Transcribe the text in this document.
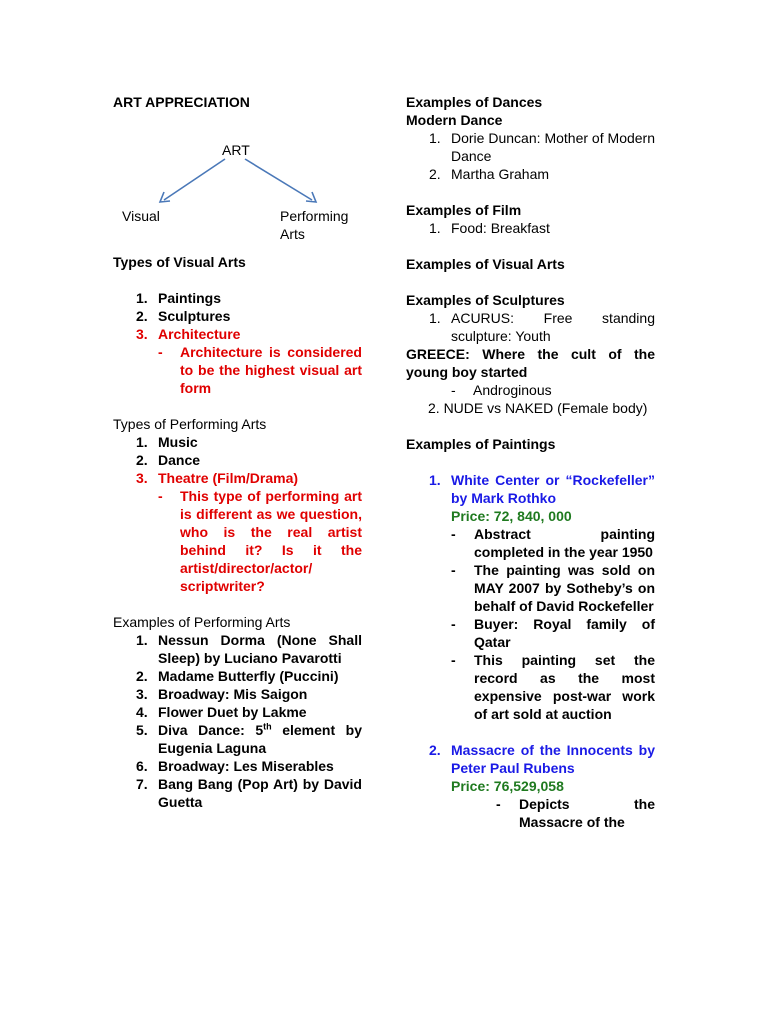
ART APPRECIATION

ART
Visual	Performing Arts

Types of Visual Arts

1. Paintings
2. Sculptures
3. Architecture
- Architecture is considered to be the highest visual art form

Types of Performing Arts

1. Music
2. Dance
3. Theatre (Film/Drama)
- This type of performing art is different as we question, who is the real artist behind it? Is it the artist/director/actor/ scriptwriter?

Examples of Performing Arts

1. Nessun Dorma (None Shall Sleep) by Luciano Pavarotti
2. Madame Butterfly (Puccini)
3. Broadway: Mis Saigon
4. Flower Duet by Lakme
5. Diva Dance: 5th element by Eugenia Laguna
6. Broadway: Les Miserables
7. Bang Bang (Pop Art) by David Guetta

Examples of Dances

Modern Dance

1. Dorie Duncan: Mother of Modern Dance
2. Martha Graham

Examples of Film

1. Food: Breakfast

Examples of Visual Arts

Examples of Sculptures

1. ACURUS: Free standing sculpture: Youth

GREECE: Where the cult of the young boy started

- Androginous

2. NUDE vs NAKED (Female body)

Examples of Paintings

1. White Center or “Rockefeller” by Mark Rothko
Price: 72, 840, 000
- Abstract painting completed in the year 1950
- The painting was sold on MAY 2007 by Sotheby’s on behalf of David Rockefeller
- Buyer: Royal family of Qatar
- This painting set the record as the most expensive post-war work of art sold at auction
2. Massacre of the Innocents by Peter Paul Rubens
Price: 76,529,058
- Depicts the Massacre of the
